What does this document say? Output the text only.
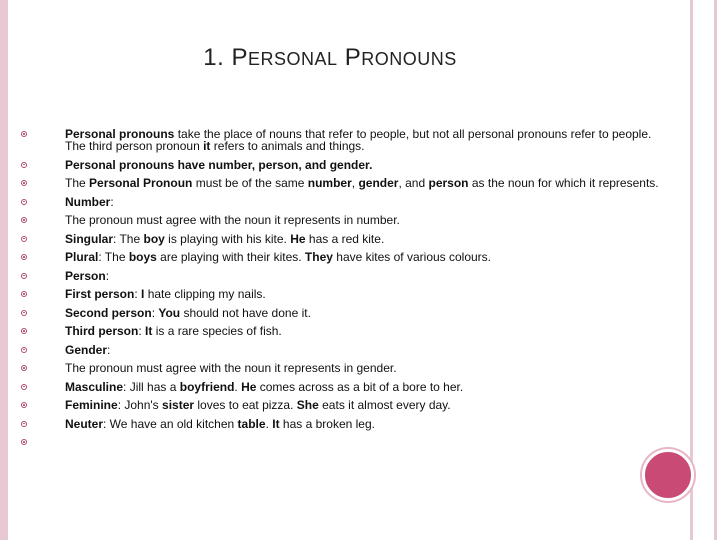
1. PERSONAL PRONOUNS
Personal pronouns take the place of nouns that refer to people, but not all personal pronouns refer to people. The third person pronoun it refers to animals and things.
Personal pronouns have number, person, and gender.
The Personal Pronoun must be of the same number, gender, and person as the noun for which it represents.
Number:
The pronoun must agree with the noun it represents in number.
Singular: The boy is playing with his kite. He has a red kite.
Plural: The boys are playing with their kites. They have kites of various colours.
Person:
First person: I hate clipping my nails.
Second person: You should not have done it.
Third person: It is a rare species of fish.
Gender:
The pronoun must agree with the noun it represents in gender.
Masculine: Jill has a boyfriend. He comes across as a bit of a bore to her.
Feminine: John's sister loves to eat pizza. She eats it almost every day.
Neuter: We have an old kitchen table. It has a broken leg.
